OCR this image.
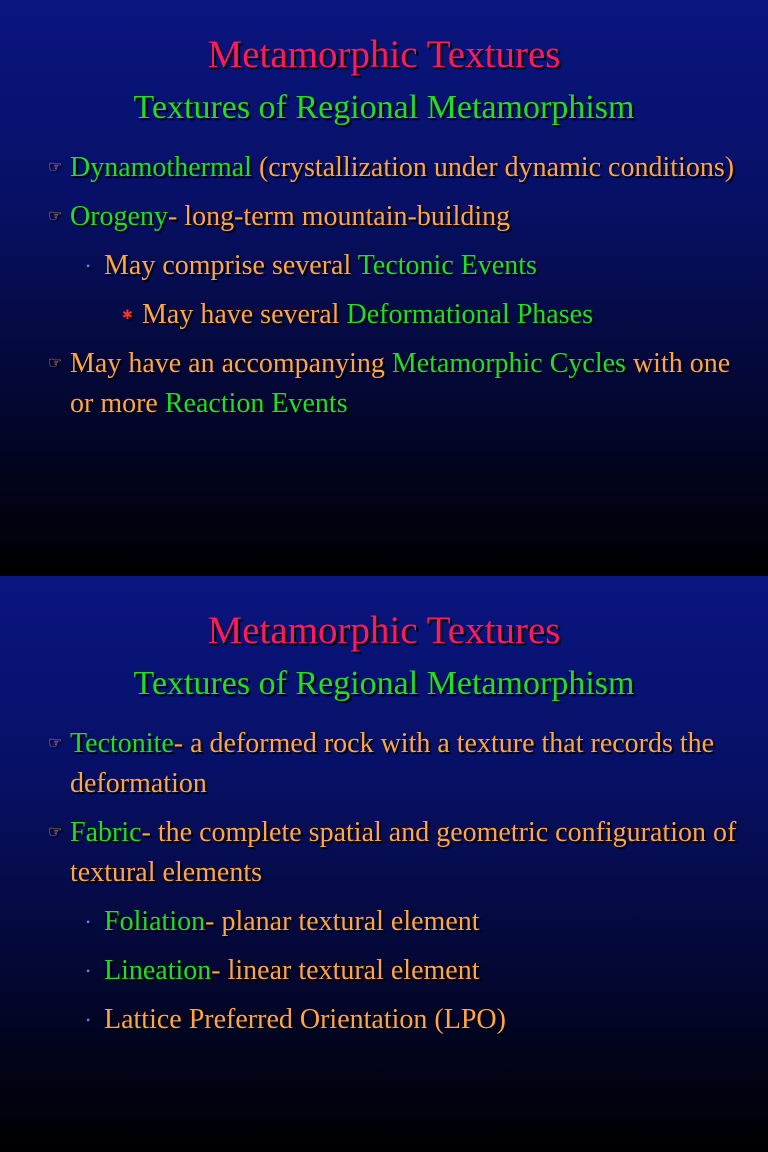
Metamorphic Textures
Textures of Regional Metamorphism
☞ Dynamothermal (crystallization under dynamic conditions)
☞ Orogeny- long-term mountain-building
• May comprise several Tectonic Events
✱ May have several Deformational Phases
☞ May have an accompanying Metamorphic Cycles with one or more Reaction Events
Metamorphic Textures
Textures of Regional Metamorphism
☞ Tectonite- a deformed rock with a texture that records the deformation
☞ Fabric- the complete spatial and geometric configuration of textural elements
• Foliation- planar textural element
• Lineation- linear textural element
• Lattice Preferred Orientation (LPO)
